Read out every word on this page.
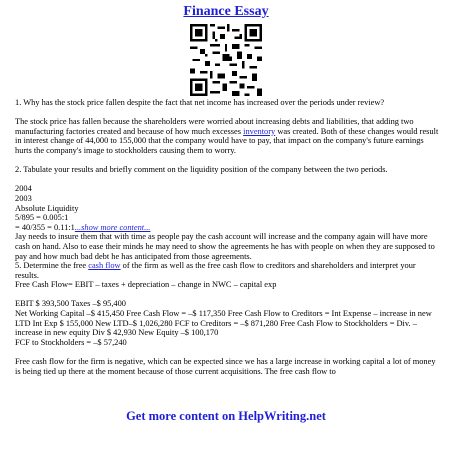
Finance Essay

1. Why has the stock price fallen despite the fact that net income has increased over the periods under review?

The stock price has fallen because the shareholders were worried about increasing debts and liabilities, that adding two manufacturing factories created and because of how much excesses inventory was created. Both of these changes would result in interest change of 44,000 to 155,000 that the company would have to pay, that impact on the company's future earnings hurts the company's image to stockholders causing them to worry.

2. Tabulate your results and briefly comment on the liquidity position of the company between the two periods.

2004

2003

Absolute Liquidity

5/895 = 0.005:1

= 40/355 = 0.11:1...show more content...

Jay needs to insure them that with time as people pay the cash account will increase and the company again will have more cash on hand. Also to ease their minds he may need to show the agreements he has with people on when they are supposed to pay and how much bad debt he has anticipated from those agreements.

5. Determine the free cash flow of the firm as well as the free cash flow to creditors and shareholders and interpret your results.

Free Cash Flow= EBIT – taxes + depreciation – change in NWC – capital exp

EBIT $ 393,500 Taxes –$ 95,400

Net Working Capital –$ 415,450 Free Cash Flow = –$ 117,350 Free Cash Flow to Creditors = Int Expense – increase in new LTD Int Exp $ 155,000 New LTD–$ 1,026,280 FCF to Creditors = –$ 871,280 Free Cash Flow to Stockholders = Div. – increase in new equity Div $ 42,930 New Equity –$ 100,170

FCF to Stockholders = –$ 57,240

Free cash flow for the firm is negative, which can be expected since we has a large increase in working capital a lot of money is being tied up there at the moment because of those current acquisitions. The free cash flow to

Get more content on HelpWriting.net
